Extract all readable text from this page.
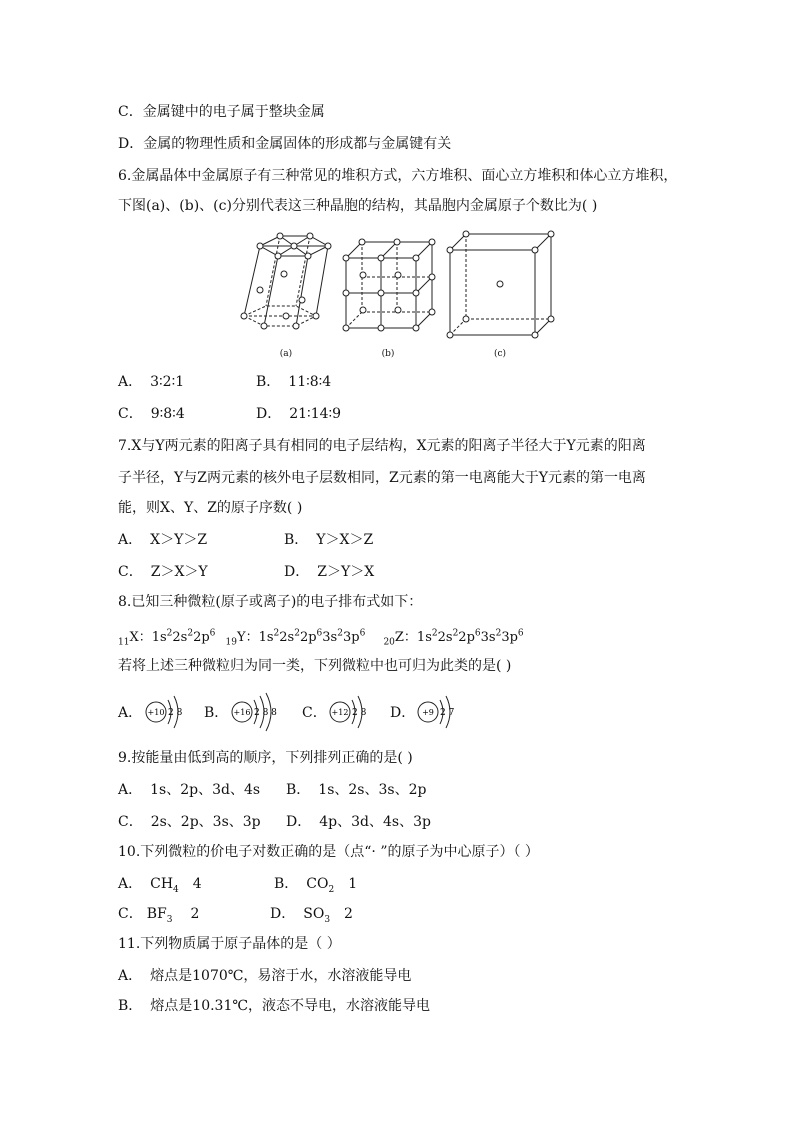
C．金属键中的电子属于整块金属
D．金属的物理性质和金属固体的形成都与金属键有关
6.金属晶体中金属原子有三种常见的堆积方式，六方堆积、面心立方堆积和体心立方堆积，
下图(a)、(b)、(c)分别代表这三种晶胞的结构，其晶胞内金属原子个数比为( )
(a)	(b)	(c)
A． 3∶2∶1	B． 11∶8∶4
C． 9∶8∶4	D． 21∶14∶9
7.X与Y两元素的阳离子具有相同的电子层结构，X元素的阳离子半径大于Y元素的阳离
子半径，Y与Z两元素的核外电子层数相同，Z元素的第一电离能大于Y元素的第一电离
能，则X、Y、Z的原子序数( )
A． X＞Y＞Z	B． Y＞X＞Z
C． Z＞X＞Y	D． Z＞Y＞X
8.已知三种微粒(原子或离子)的电子排布式如下：
$_{11}$X：$1s^22s^22p^6$ $_{19}$Y：$1s^22s^22p^63s^23p^6$ $_{20}$Z：$1s^22s^22p^63s^23p^6$
若将上述三种微粒归为同一类，下列微粒中也可归为此类的是( )
A． +10 2 8 B． +16 2 8 8 C． +12 2 8 D． +9 2 7
9.按能量由低到高的顺序，下列排列正确的是( )
A． 1s、2p、3d、4s B． 1s、2s、3s、2p
C． 2s、2p、3s、3p D． 4p、3d、4s、3p
10.下列微粒的价电子对数正确的是（点“· ”的原子为中心原子）（ ）
A． $CH_4$ 4	B． $CO_2$ 1
C． $BF_3$ 2	D． $SO_3$ 2
11.下列物质属于原子晶体的是（ ）
A． 熔点是1070℃，易溶于水，水溶液能导电
B． 熔点是10.31℃，液态不导电，水溶液能导电
